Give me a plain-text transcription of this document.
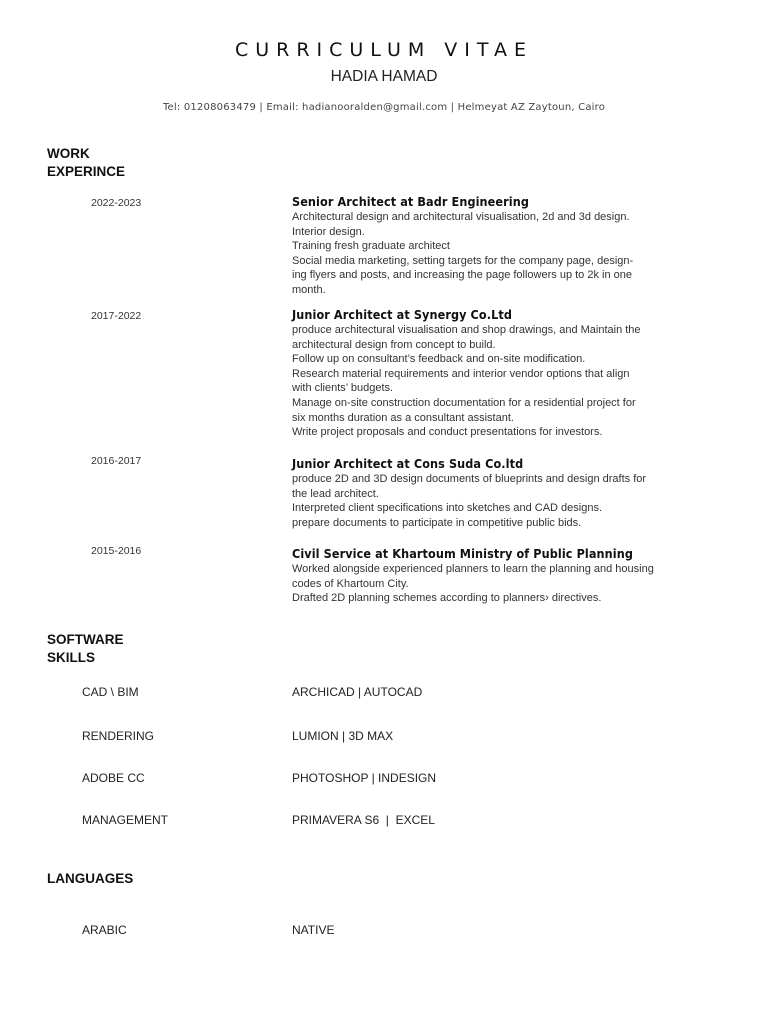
CURRICULUM VITAE
HADIA HAMAD
Tel: 01208063479 | Email: hadianooralden@gmail.com | Helmeyat AZ Zaytoun, Cairo
WORK
EXPERINCE
2022-2023	Senior Architect at Badr Engineering
Architectural design and architectural visualisation, 2d and 3d design.
Interior design.
Training fresh graduate architect
Social media marketing, setting targets for the company page, design-
ing flyers and posts, and increasing the page followers up to 2k in one
month.
2017-2022	Junior Architect at Synergy Co.Ltd
produce architectural visualisation and shop drawings, and Maintain the
architectural design from concept to build.
Follow up on consultant’s feedback and on-site modification.
Research material requirements and interior vendor options that align
with clients’ budgets.
Manage on-site construction documentation for a residential project for
six months duration as a consultant assistant.
Write project proposals and conduct presentations for investors.
2016-2017	Junior Architect at Cons Suda Co.ltd
produce 2D and 3D design documents of blueprints and design drafts for
the lead architect.
Interpreted client specifications into sketches and CAD designs.
prepare documents to participate in competitive public bids.
2015-2016	Civil Service at Khartoum Ministry of Public Planning
Worked alongside experienced planners to learn the planning and housing
codes of Khartoum City.
Drafted 2D planning schemes according to planners› directives.
SOFTWARE
SKILLS
CAD \ BIM	ARCHICAD | AUTOCAD
RENDERING	LUMION | 3D MAX
ADOBE CC	PHOTOSHOP | INDESIGN
MANAGEMENT	PRIMAVERA S6  |  EXCEL
LANGUAGES
ARABIC	NATIVE
